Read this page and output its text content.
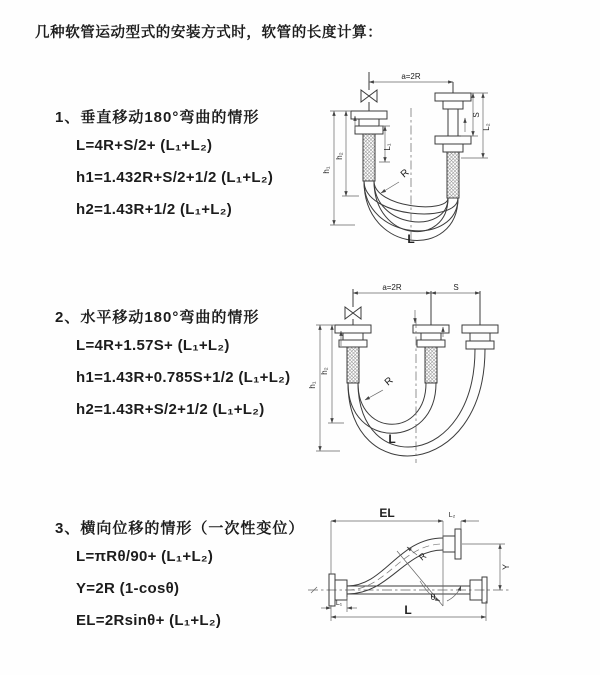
几种软管运动型式的安装方式时，软管的长度计算：
1、垂直移动180°弯曲的情形
L=4R+S/2+ (L₁+L₂)
h1=1.432R+S/2+1/2 (L₁+L₂)
h2=1.43R+1/2 (L₁+L₂)
2、水平移动180°弯曲的情形
L=4R+1.57S+ (L₁+L₂)
h1=1.43R+0.785S+1/2 (L₁+L₂)
h2=1.43R+S/2+1/2 (L₁+L₂)
3、横向位移的情形（一次性变位）
L=πRθ/90+ (L₁+L₂)
Y=2R (1-cosθ)
EL=2Rsinθ+ (L₁+L₂)
a=2R
L₁
S
L₂
h₂
h₁	R
L
a=2R	S
h₂
h₁	R
L
EL	L₂
Y
L
L₁
R
θ
